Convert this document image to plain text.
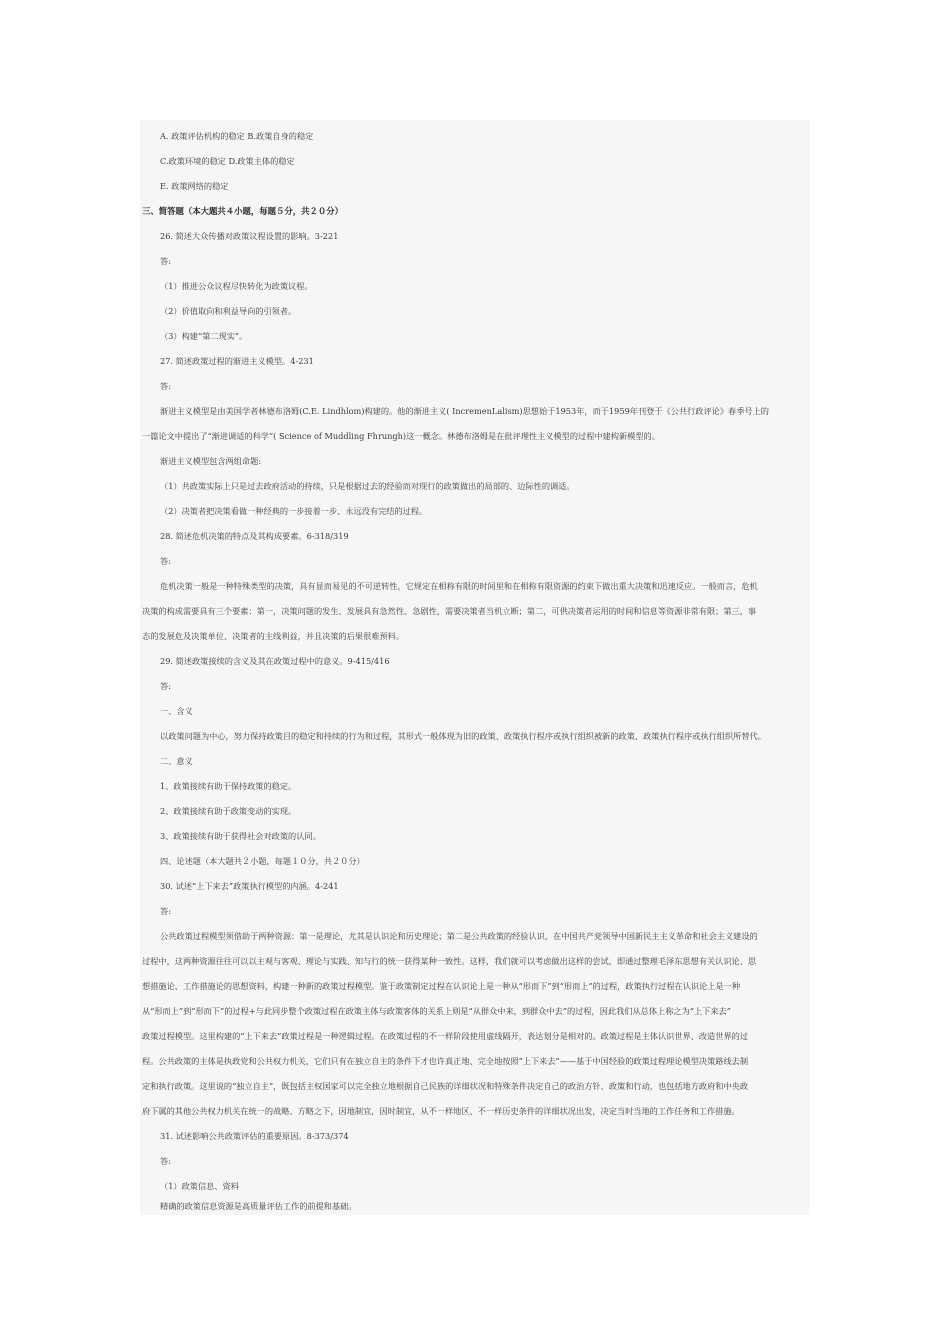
A. 政策评估机构的稳定 B.政策自身的稳定
C.政策环境的稳定 D.政策主体的稳定
E. 政策网络的稳定
三、简答题（本大题共４小题，每题５分，共２０分）
26. 简述大众传播对政策议程设置的影响。3-221
答:
（1）推进公众议程尽快转化为政策议程。
（2）价值取向和利益导向的引领者。
（3）构建“第二现实”。
27. 简述政策过程的渐进主义模型。4-231
答:
渐进主义模型是由美国学者林德布洛姆(C.E. Lindhlom)构建的。他的渐进主义( IncremenLalism)思想始于1953年，而于1959年刊登于《公共行政评论》春季号上的
一篇论文中提出了“渐进调适的科学”( Science of Muddling Fhrungh)这一概念。林德布洛姆是在批评理性主义模型的过程中建构新模型的。
渐进主义模型包含两组命题:
（1）共政策实际上只是过去政府活动的持续，只是根据过去的经验而对现行的政策做出的局部的、边际性的调适。
（2）决策者把决策看做一种经典的一步接着一步、永远没有完结的过程。
28. 简述危机决策的特点及其构成要素。6-318/319
答:
危机决策一般是一种特殊类型的决策，具有显而易见的不可逆转性，它规定在相称有限的时间里和在相称有限资源的约束下做出重大决策和迅速反应。一般而言，危机
决策的构成需要具有三个要素：第一，决策问题的发生、发展具有急然性、急剧性，需要决策者当机立断；第二，可供决策者运用的时间和信息等资源非常有限；第三，事
态的发展危及决策单位、决策者的主线利益，并且决策的后果很难预料。
29. 简述政策接续的含义及其在政策过程中的意义。9-415/416
答:
一、含义
以政策问题为中心，努力保持政策目的稳定和持续的行为和过程，其形式一般体现为旧的政策、政策执行程序或执行组织被新的政策、政策执行程序或执行组织所替代。
二、意义
1、政策接续有助于保持政策的稳定。
2、政策接续有助于政策变动的实现。
3、政策接续有助于获得社会对政策的认同。
四、论述题（本大题共２小题，每题１０分，共２０分）
30. 试述“上下来去”政策执行模型的内涵。4-241
答:
公共政策过程模型须借助于两种资源：第一是理论，尤其是认识论和历史理论；第二是公共政策的经验认识，在中国共产党领导中国新民主主义革命和社会主义建设的
过程中，这两种资源往往可以以主观与客观、理论与实践、知与行的统一获得某种一致性。这样，我们就可以考虑做出这样的尝试，即通过整理毛泽东思想有关认识论、思
想措施论、工作措施论的思想资料，构建一种新的政策过程模型。鉴于政策制定过程在认识论上是一种从“形而下”到“形而上”的过程，政策执行过程在认识论上是一种
从“形而上”到“形而下”的过程+与此同步整个政策过程在政策主体与政策客体的关系上则是“从群众中来，到群众中去”的过程，因此我们从总体上称之为“上下来去”
政策过程模型。这里构建的“上下来去”政策过程是一种逻辑过程。在政策过程的不一样阶段使用虚线隔开，表达划分是相对的。政策过程是主体认识世界、改造世界的过
程。公共政策的主体是执政党和公共权力机关，它们只有在独立自主的条件下才也许真正地、完全地按照“上下来去”——基于中国经验的政策过程理论模型决策路线去制
定和执行政策。这里说的“独立自主”，既包括主权国家可以完全独立地根据自己民族的详细状况和特殊条件决定自己的政治方针、政策和行动，也包括地方政府和中央政
府下属的其他公共权力机关在统一的战略、方略之下，因地制宜，因时制宜，从不一样地区、不一样历史条件的详细状况出发，决定当时当地的工作任务和工作措施。
31. 试述影响公共政策评估的重要原因。8-373/374
答:
（1）政策信息、资料
精确的政策信息资源是高质量评估工作的前提和基础。
